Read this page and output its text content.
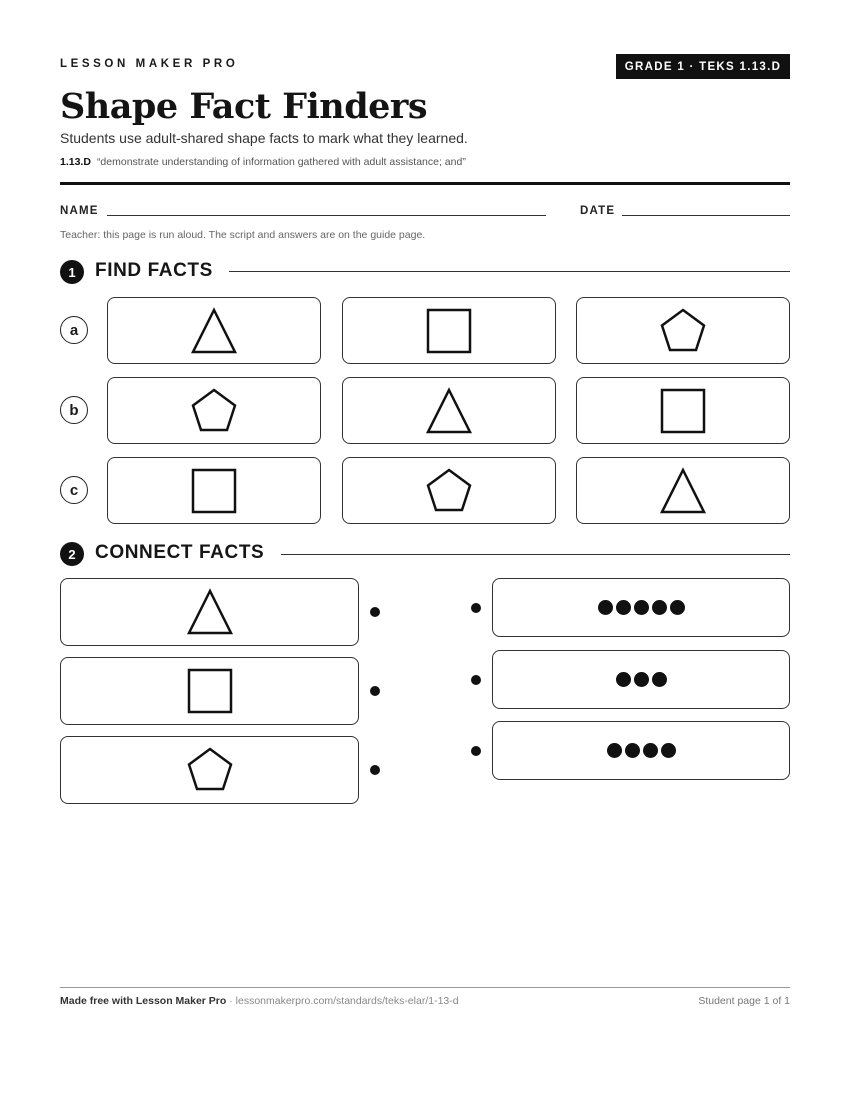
LESSON MAKER PRO	GRADE 1 · TEKS 1.13.D
Shape Fact Finders
Students use adult-shared shape facts to mark what they learned.
1.13.D “demonstrate understanding of information gathered with adult assistance; and”
NAME	DATE
Teacher: this page is run aloud. The script and answers are on the guide page.
1	FIND FACTS
a
b
c
2	CONNECT FACTS
Made free with Lesson Maker Pro · lessonmakerpro.com/standards/teks-elar/1-13-d	Student page 1 of 1
